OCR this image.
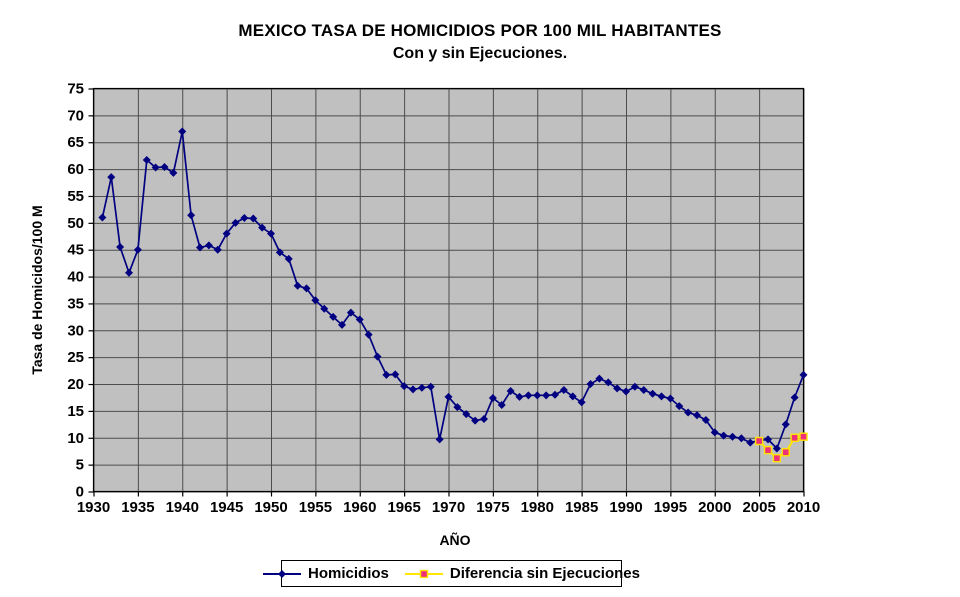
MEXICO TASA DE HOMICIDIOS POR 100 MIL HABITANTES
Con y sin Ejecuciones.
1930 1935 1940 1945 1950 1955 1960 1965 1970 1975 1980 1985 1990 1995 2000 2005 2010
0
5
10
15
20
25
30
35
40
45
50
55
60
65
70
75
Tasa de Homicidos/100 M
AÑO
Homicidios	Diferencia sin Ejecuciones
